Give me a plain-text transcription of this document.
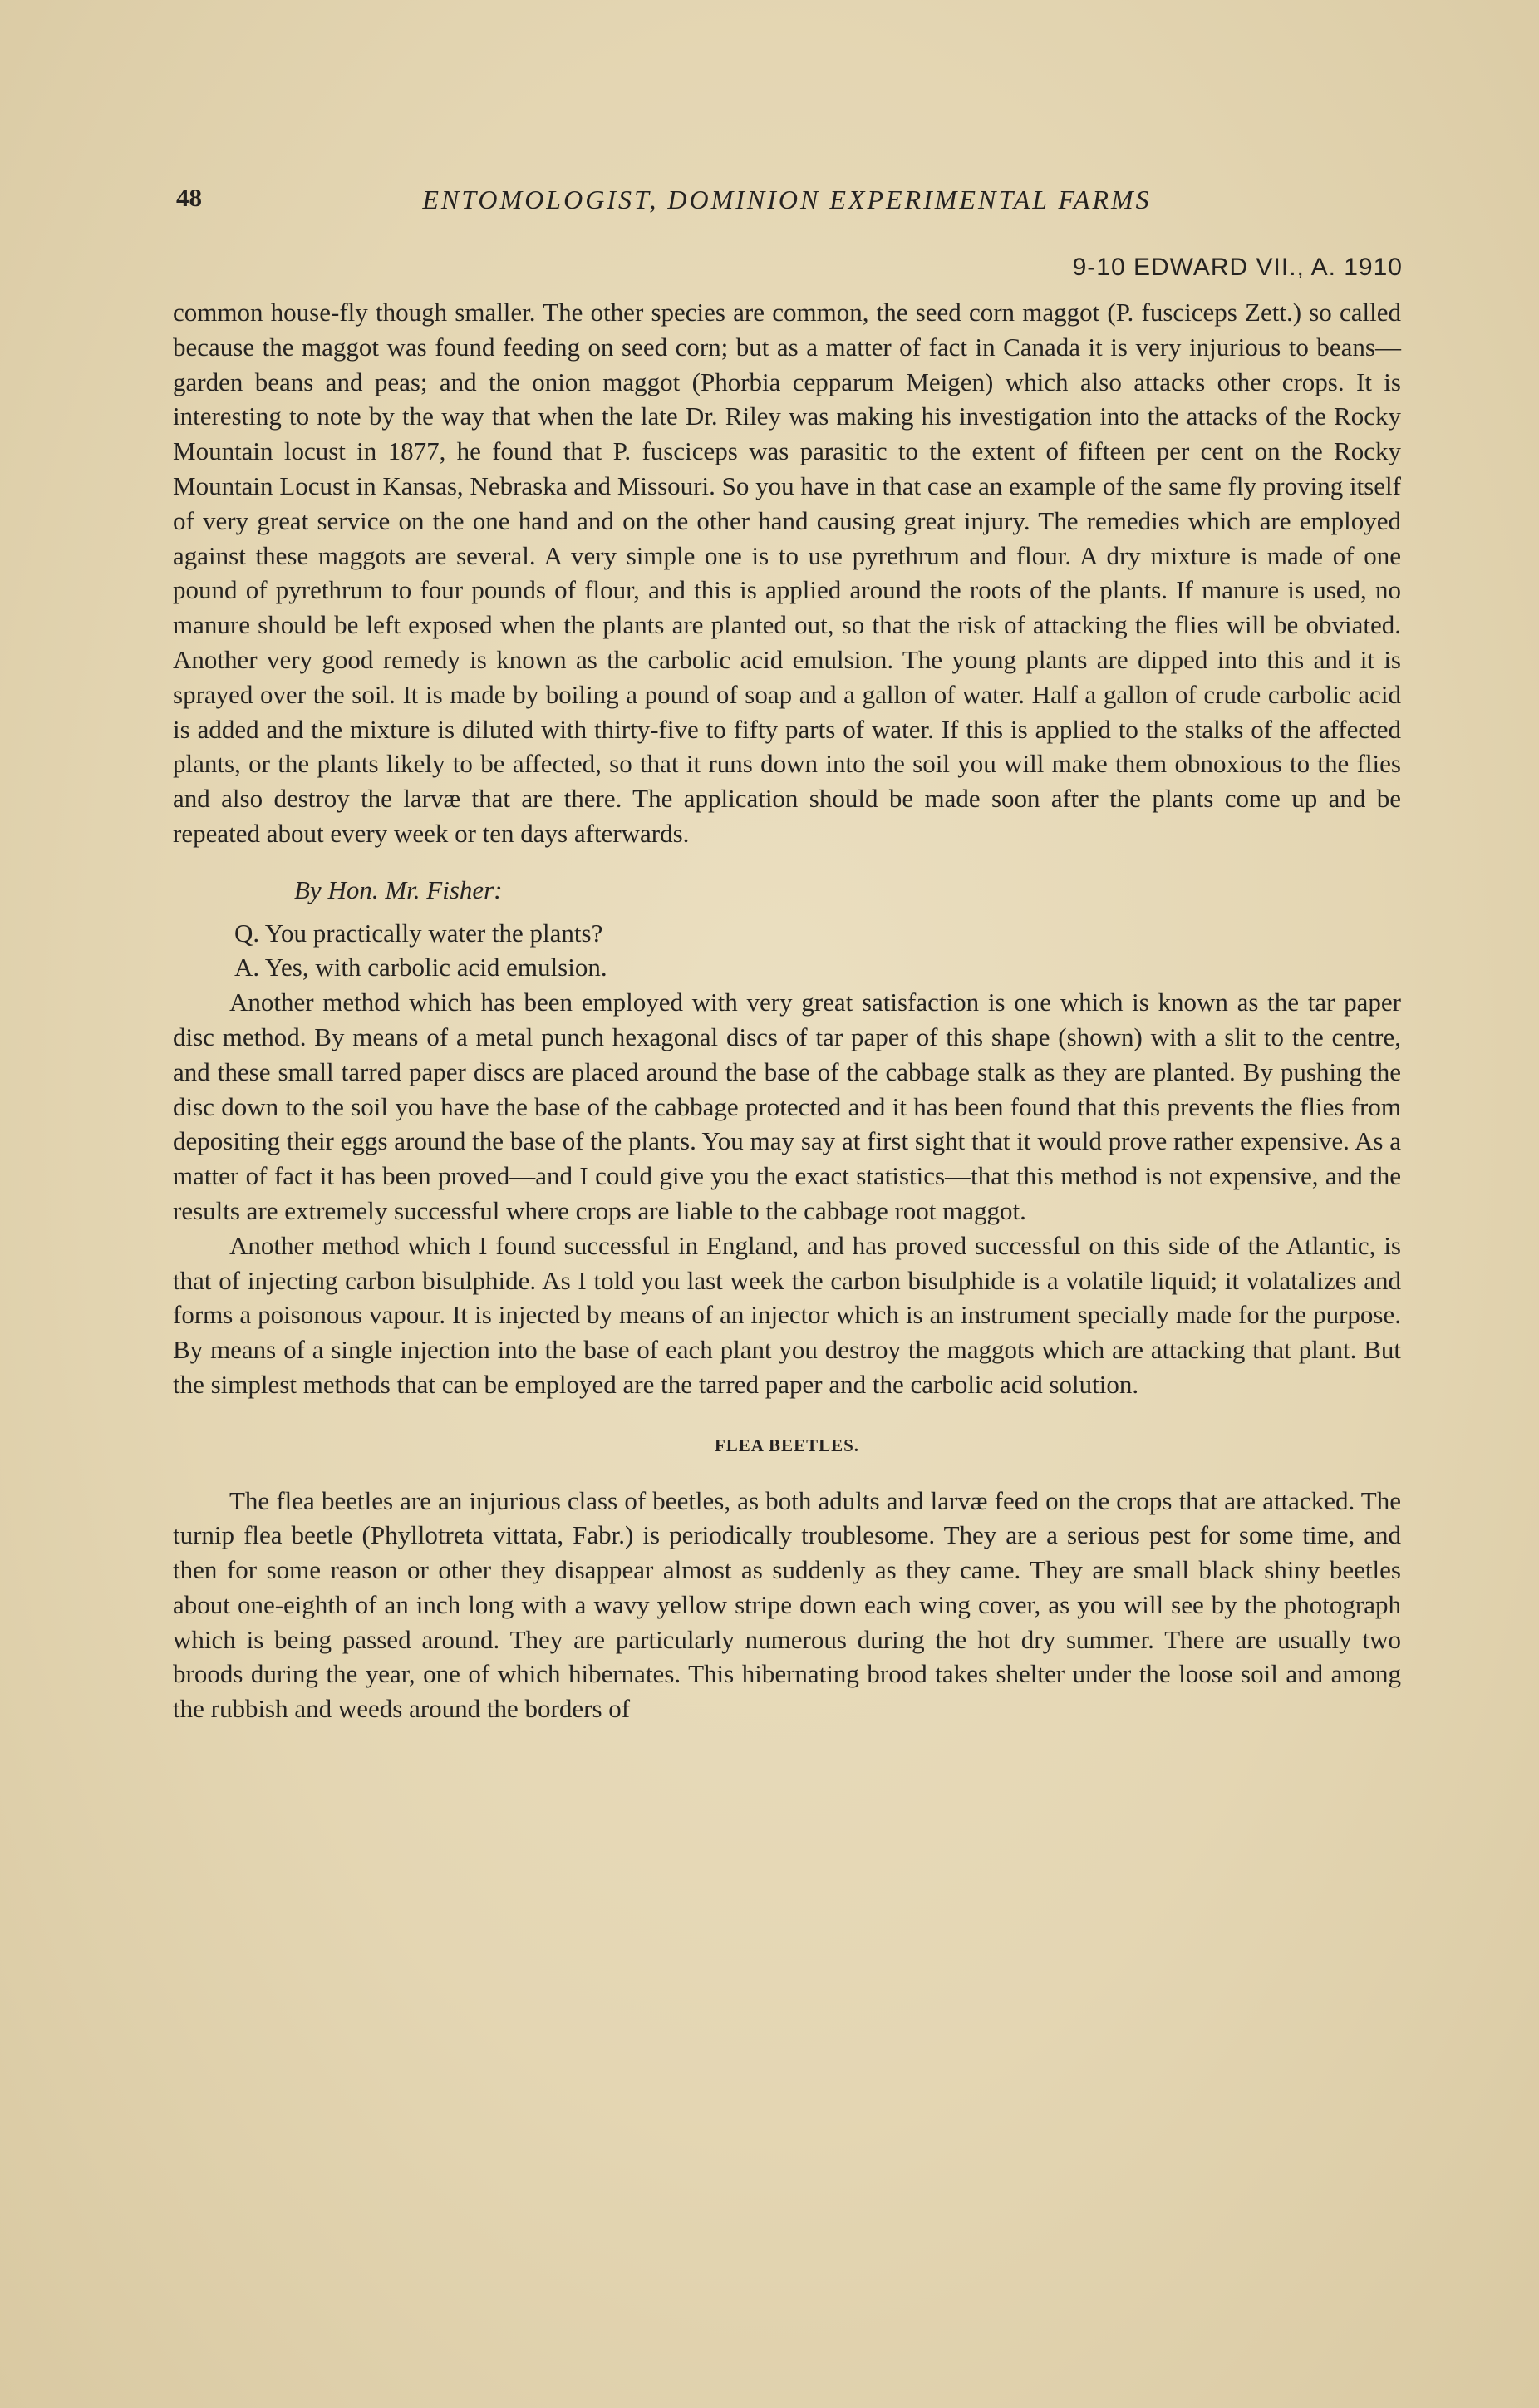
48	ENTOMOLOGIST, DOMINION EXPERIMENTAL FARMS
9-10 EDWARD VII., A. 1910

common house-fly though smaller. The other species are common, the seed corn maggot (P. fusciceps Zett.) so called because the maggot was found feeding on seed corn; but as a matter of fact in Canada it is very injurious to beans—garden beans and peas; and the onion maggot (Phorbia cepparum Meigen) which also attacks other crops. It is interesting to note by the way that when the late Dr. Riley was making his investigation into the attacks of the Rocky Mountain locust in 1877, he found that P. fusciceps was parasitic to the extent of fifteen per cent on the Rocky Mountain Locust in Kansas, Nebraska and Missouri. So you have in that case an example of the same fly proving itself of very great service on the one hand and on the other hand causing great injury. The remedies which are employed against these maggots are several. A very simple one is to use pyrethrum and flour. A dry mixture is made of one pound of pyrethrum to four pounds of flour, and this is applied around the roots of the plants. If manure is used, no manure should be left exposed when the plants are planted out, so that the risk of attacking the flies will be obviated. Another very good remedy is known as the carbolic acid emulsion. The young plants are dipped into this and it is sprayed over the soil. It is made by boiling a pound of soap and a gallon of water. Half a gallon of crude carbolic acid is added and the mixture is diluted with thirty-five to fifty parts of water. If this is applied to the stalks of the affected plants, or the plants likely to be affected, so that it runs down into the soil you will make them obnoxious to the flies and also destroy the larvæ that are there. The application should be made soon after the plants come up and be repeated about every week or ten days afterwards.

By Hon. Mr. Fisher:

Q. You practically water the plants?

A. Yes, with carbolic acid emulsion.

Another method which has been employed with very great satisfaction is one which is known as the tar paper disc method. By means of a metal punch hexagonal discs of tar paper of this shape (shown) with a slit to the centre, and these small tarred paper discs are placed around the base of the cabbage stalk as they are planted. By pushing the disc down to the soil you have the base of the cabbage protected and it has been found that this prevents the flies from depositing their eggs around the base of the plants. You may say at first sight that it would prove rather expensive. As a matter of fact it has been proved—and I could give you the exact statistics—that this method is not expensive, and the results are extremely successful where crops are liable to the cabbage root maggot.

Another method which I found successful in England, and has proved successful on this side of the Atlantic, is that of injecting carbon bisulphide. As I told you last week the carbon bisulphide is a volatile liquid; it volatalizes and forms a poisonous vapour. It is injected by means of an injector which is an instrument specially made for the purpose. By means of a single injection into the base of each plant you destroy the maggots which are attacking that plant. But the simplest methods that can be employed are the tarred paper and the carbolic acid solution.

FLEA BEETLES.

The flea beetles are an injurious class of beetles, as both adults and larvæ feed on the crops that are attacked. The turnip flea beetle (Phyllotreta vittata, Fabr.) is periodically troublesome. They are a serious pest for some time, and then for some reason or other they disappear almost as suddenly as they came. They are small black shiny beetles about one-eighth of an inch long with a wavy yellow stripe down each wing cover, as you will see by the photograph which is being passed around. They are particularly numerous during the hot dry summer. There are usually two broods during the year, one of which hibernates. This hibernating brood takes shelter under the loose soil and among the rubbish and weeds around the borders of
